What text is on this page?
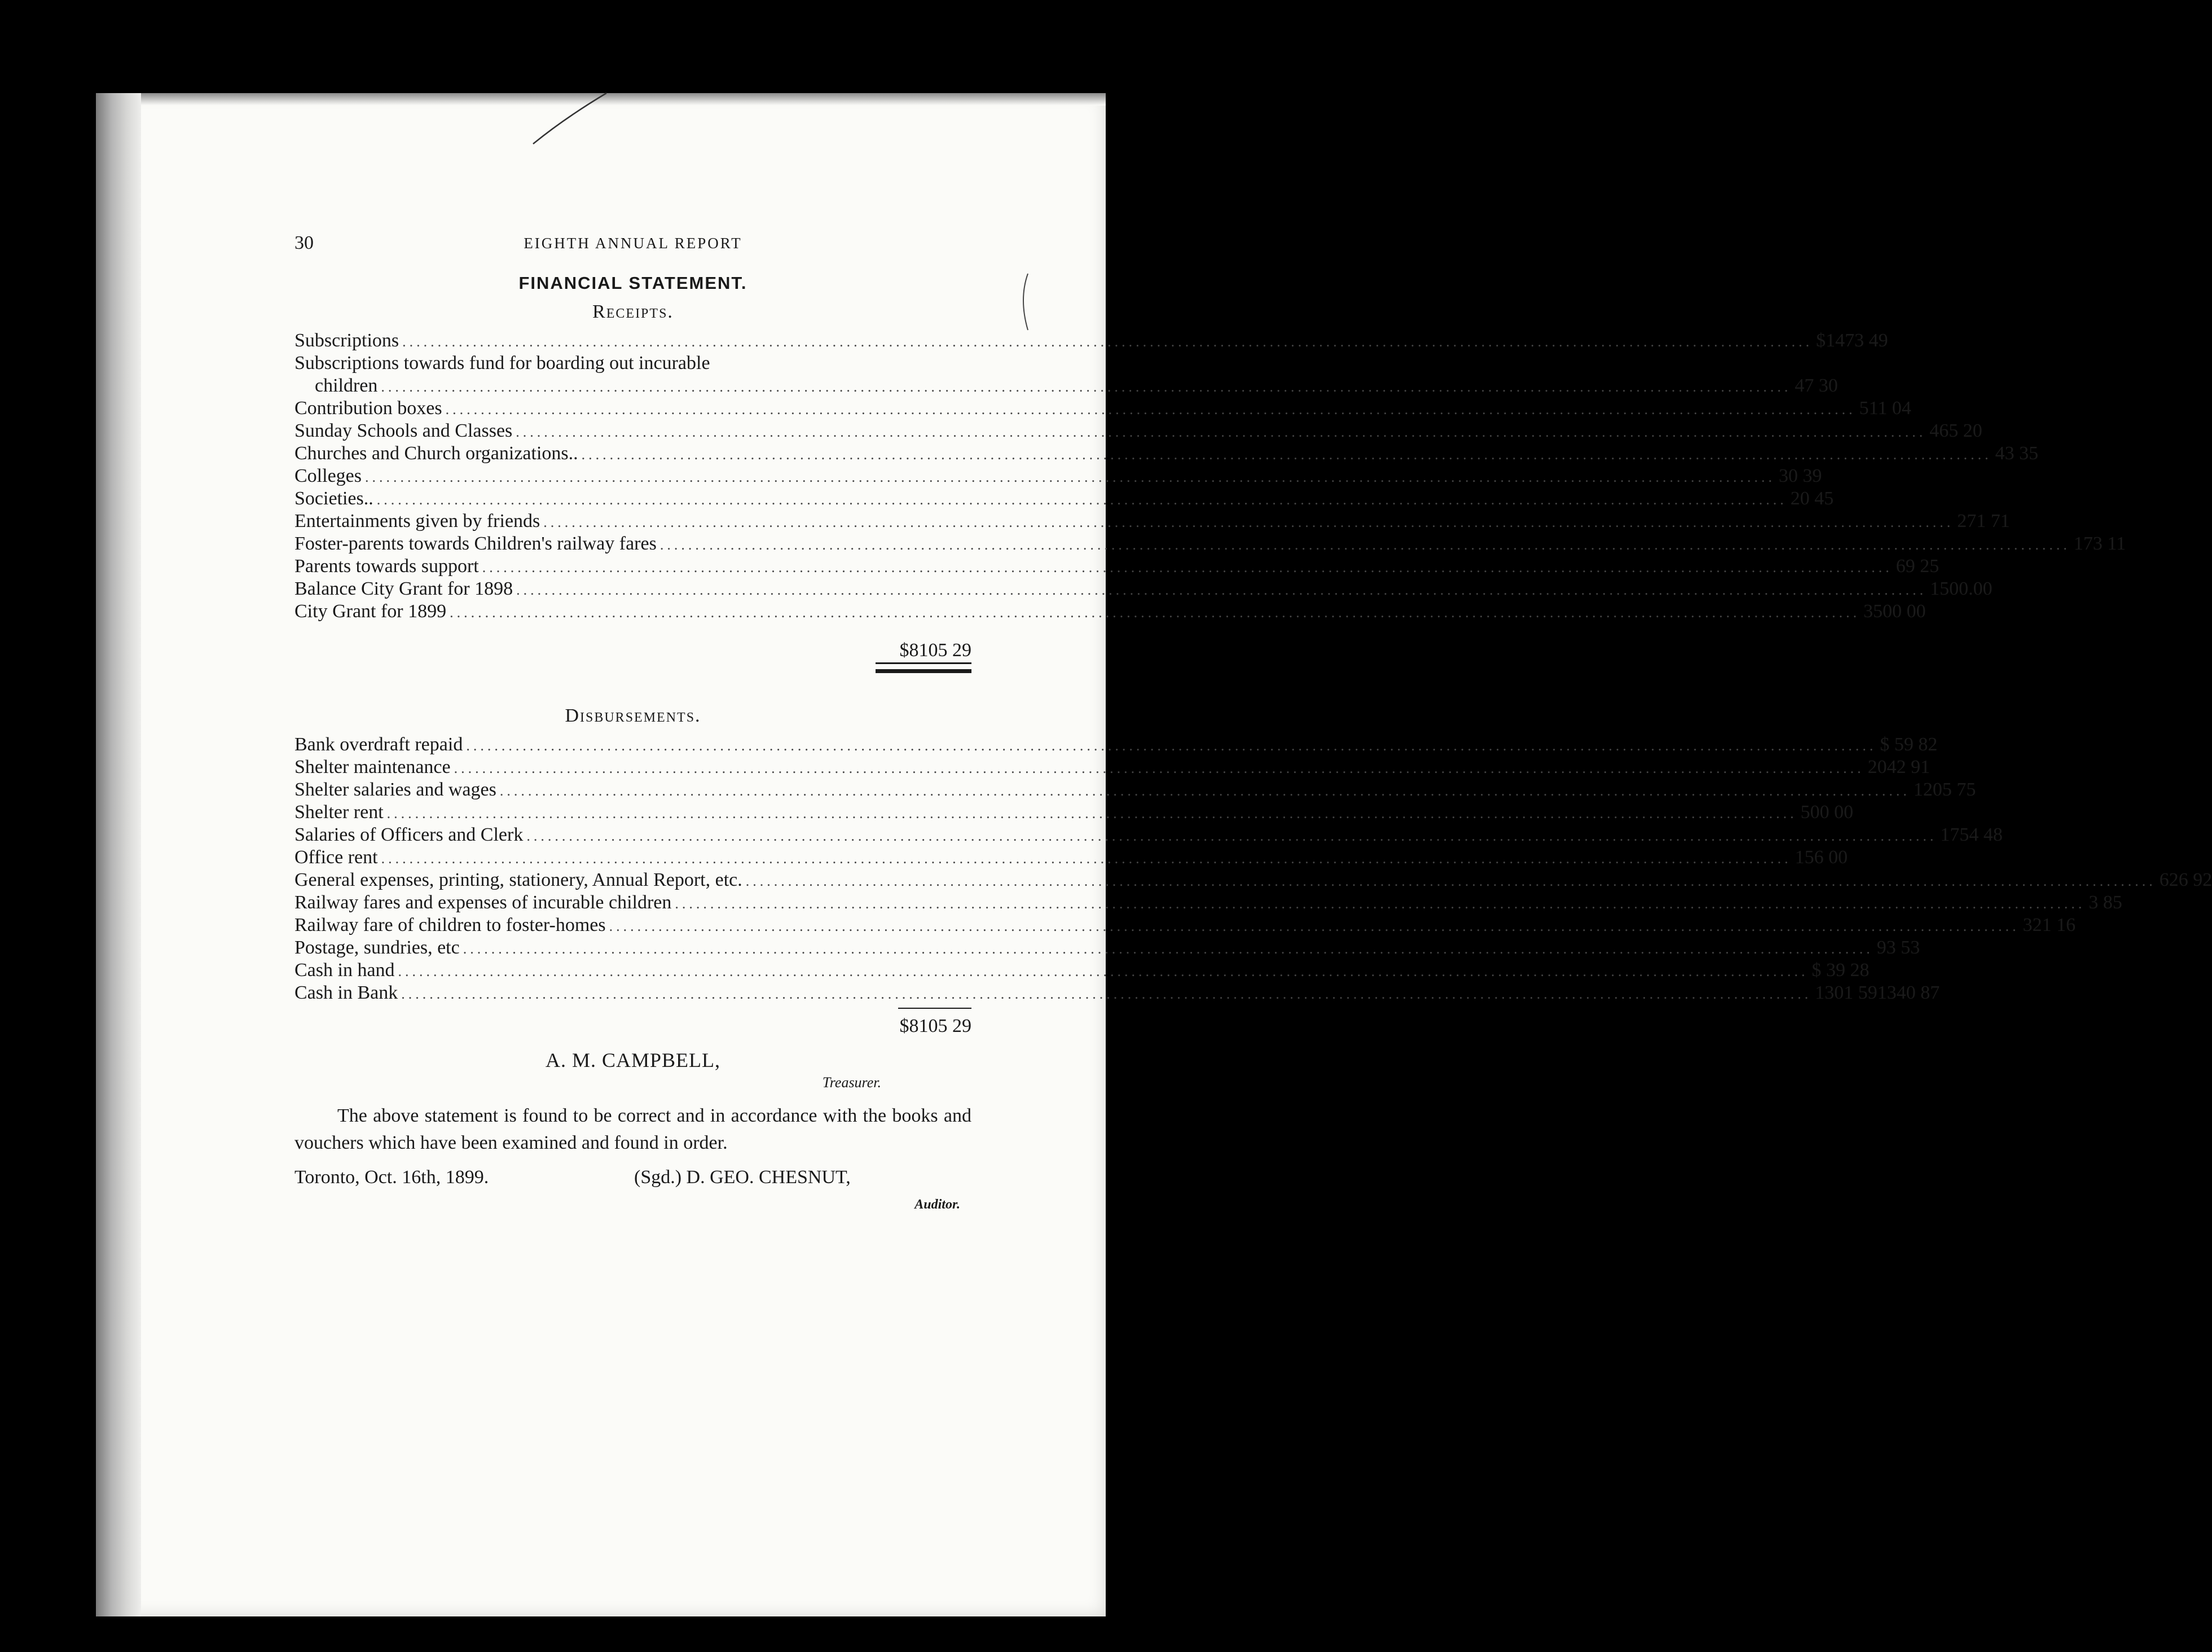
30	EIGHTH ANNUAL REPORT
FINANCIAL STATEMENT.
Receipts.
Subscriptions ........................................................................................................................................................................................................ $1473 49
Subscriptions towards fund for boarding out incurable
children ........................................................................................................................................................................................................ 47 30
Contribution boxes ........................................................................................................................................................................................................ 511 04
Sunday Schools and Classes ........................................................................................................................................................................................................ 465 20
Churches and Church organizations.. ........................................................................................................................................................................................................ 43 35
Colleges ........................................................................................................................................................................................................ 30 39
Societies.. ........................................................................................................................................................................................................ 20 45
Entertainments given by friends ........................................................................................................................................................................................................ 271 71
Foster-parents towards Children's railway fares ........................................................................................................................................................................................................ 173 11
Parents towards support ........................................................................................................................................................................................................ 69 25
Balance City Grant for 1898 ........................................................................................................................................................................................................ 1500.00
City Grant for 1899 ........................................................................................................................................................................................................ 3500 00
$8105 29
Disbursements.
Bank overdraft repaid ........................................................................................................................................................................................................ $ 59 82
Shelter maintenance ........................................................................................................................................................................................................ 2042 91
Shelter salaries and wages ........................................................................................................................................................................................................ 1205 75
Shelter rent ........................................................................................................................................................................................................ 500 00
Salaries of Officers and Clerk ........................................................................................................................................................................................................ 1754 48
Office rent ........................................................................................................................................................................................................ 156 00
General expenses, printing, stationery, Annual Report, etc. ........................................................................................................................................................................................................ 626 92
Railway fares and expenses of incurable children ........................................................................................................................................................................................................ 3 85
Railway fare of children to foster-homes ........................................................................................................................................................................................................ 321 16
Postage, sundries, etc ........................................................................................................................................................................................................ 93 53
Cash in hand ........................................................................................................................................................................................................ $ 39 28
Cash in Bank ........................................................................................................................................................................................................ 1301 59 1340 87
$8105 29
A. M. CAMPBELL,
Treasurer.
The above statement is found to be correct and in accordance with the books and vouchers which have been examined and found in order.
Toronto, Oct. 16th, 1899.	(Sgd.) D. GEO. CHESNUT,
Auditor.
